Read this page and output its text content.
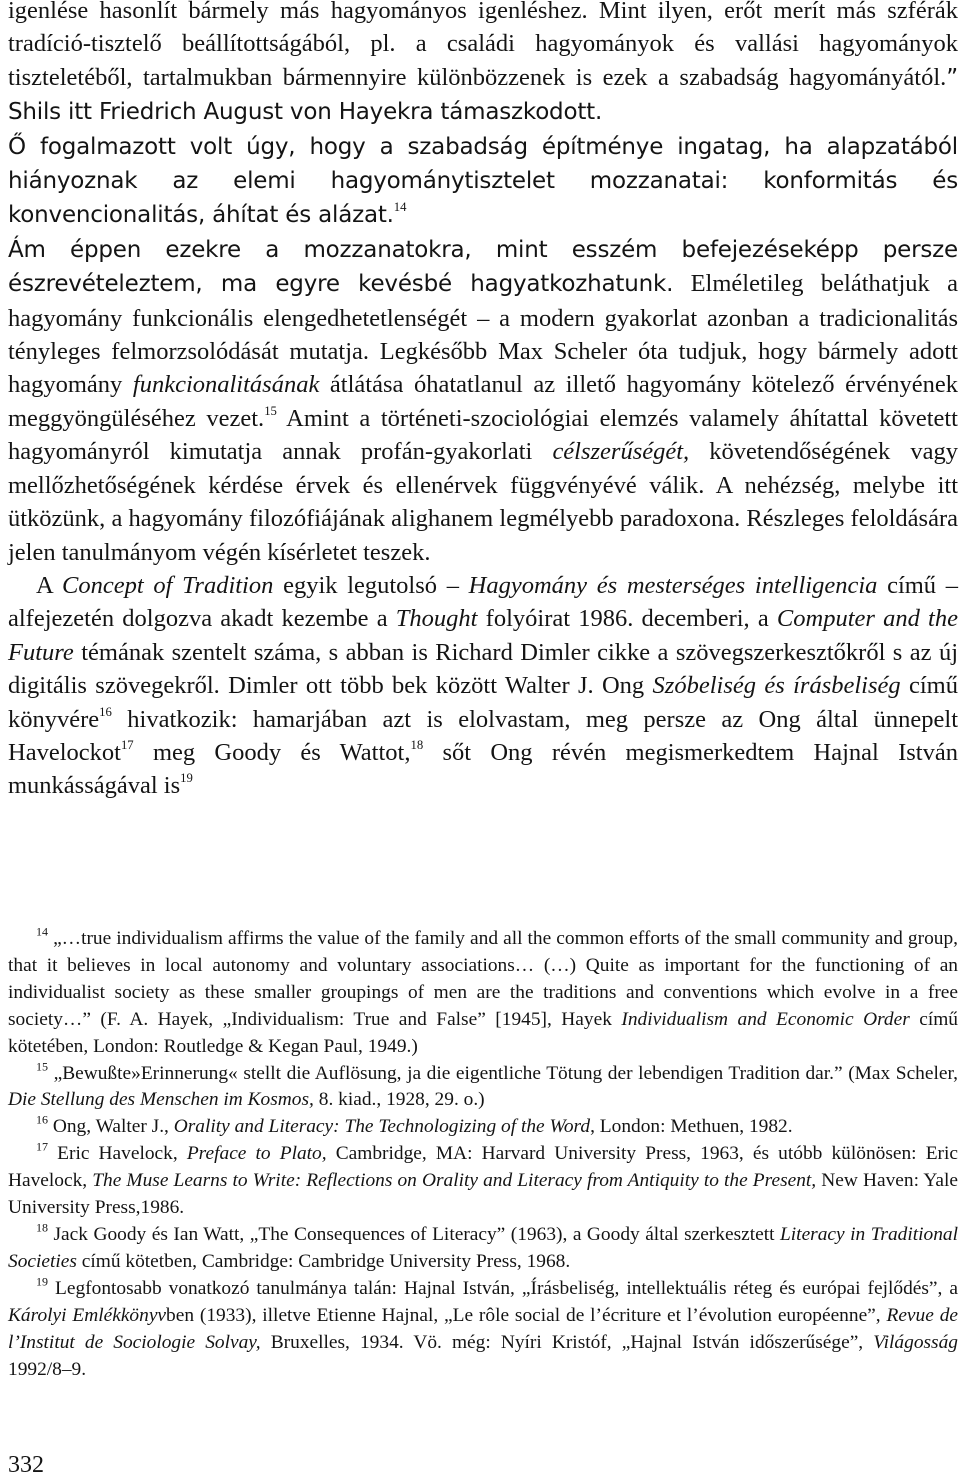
igenlése hasonlít bármely más hagyományos igenléshez. Mint ilyen, erőt merít más szférák tradíció-tisztelő beállítottságából, pl. a családi hagyományok és vallási hagyományok tiszteletéből, tartalmukban bármennyire különbözzenek is ezek a szabadság hagyományától.” Shils itt Friedrich August von Hayekra támaszkodott.

Ő fogalmazott volt úgy, hogy a szabadság építménye ingatag, ha alapzatából hiányoznak az elemi hagyománytisztelet mozzanatai: konformitás és konvencionalitás, áhítat és alázat.$^{14}$

Ám éppen ezekre a mozzanatokra, mint esszém befejezéseképp persze észrevételeztem, ma egyre kevésbé hagyatkozhatunk. Elméletileg beláthatjuk a hagyomány funkcionális elengedhetetlenségét – a modern gyakorlat azonban a tradicionalitás tényleges felmorzsolódását mutatja. Legkésőbb Max Scheler óta tudjuk, hogy bármely adott hagyomány funkcionalitásának átlátása óhatatlanul az illető hagyomány kötelező érvényének meggyöngüléséhez vezet.$^{15}$ Amint a történeti-szociológiai elemzés valamely áhítattal követett hagyományról kimutatja annak profán-gyakorlati célszerűségét, követendőségének vagy mellőzhetőségének kérdése érvek és ellenérvek függvényévé válik. A nehézség, melybe itt ütközünk, a hagyomány filozófiájának alighanem legmélyebb paradoxona. Részleges feloldására jelen tanulmányom végén kísérletet teszek.

A Concept of Tradition egyik legutolsó – Hagyomány és mesterséges intelligencia című – alfejezetén dolgozva akadt kezembe a Thought folyóirat 1986. decemberi, a Computer and the Future témának szentelt száma, s abban is Richard Dimler cikke a szövegszerkesztőkről s az új digitális szövegekről. Dimler ott több bek között Walter J. Ong Szóbeliség és írásbeliség című könyvére$^{16}$ hivatkozik: hamarjában azt is elolvastam, meg persze az Ong által ünnepelt Havelockot$^{17}$ meg Goody és Wattot,$^{18}$ sőt Ong révén megismerkedtem Hajnal István munkásságával is$^{19}$

$^{14}$ „…true individualism affirms the value of the family and all the common efforts of the small community and group, that it believes in local autonomy and voluntary associations… (…) Quite as important for the functioning of an individualist society as these smaller groupings of men are the traditions and conventions which evolve in a free society…” (F. A. Hayek, „Individualism: True and False” [1945], Hayek Individualism and Economic Order című kötetében, London: Routledge & Kegan Paul, 1949.)

$^{15}$ „Bewußte»Erinnerung« stellt die Auflösung, ja die eigentliche Tötung der lebendigen Tradition dar.” (Max Scheler, Die Stellung des Menschen im Kosmos, 8. kiad., 1928, 29. o.)

$^{16}$ Ong, Walter J., Orality and Literacy: The Technologizing of the Word, London: Methuen, 1982.

$^{17}$ Eric Havelock, Preface to Plato, Cambridge, MA: Harvard University Press, 1963, és utóbb különösen: Eric Havelock, The Muse Learns to Write: Reflections on Orality and Literacy from Antiquity to the Present, New Haven: Yale University Press,1986.

$^{18}$ Jack Goody és Ian Watt, „The Consequences of Literacy” (1963), a Goody által szerkesztett Literacy in Traditional Societies című kötetben, Cambridge: Cambridge University Press, 1968.

$^{19}$ Legfontosabb vonatkozó tanulmánya talán: Hajnal István, „Írásbeliség, intellektuális réteg és európai fejlődés”, a Károlyi Emlékkönyvben (1933), illetve Etienne Hajnal, „Le rôle social de l’écriture et l’évolution européenne”, Revue de l’Institut de Sociologie Solvay, Bruxelles, 1934. Vö. még: Nyíri Kristóf, „Hajnal István időszerűsége”, Világosság 1992/8–9.

332
